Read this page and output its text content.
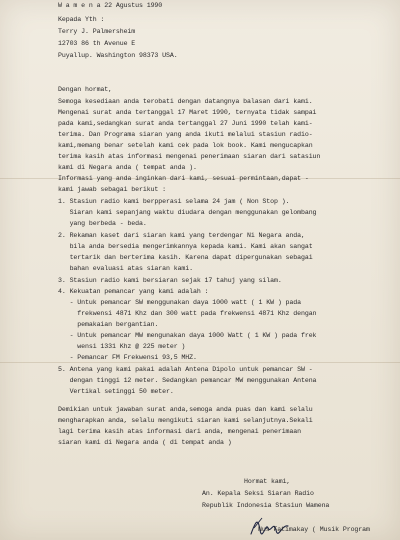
W a m e n a 22 Agustus 1990

Kepada Yth :

Terry J. Palmersheim

12703 86 th Avenue E

Puyallup. Washington 98373 USA.

Dengan hormat,

Semoga kesediaan anda terobati dengan datangnya balasan dari kami.

Mengenai surat anda tertanggal 17 Maret 1990, ternyata tidak sampai

pada kami,sedangkan surat anda tertanggal 27 Juni 1990 telah kami-

terima. Dan Programa siaran yang anda ikuti melalui stasiun radio-

kami,memang benar setelah kami cek pada lok book. Kami mengucapkan

terima kasih atas informasi mengenai penerimaan siaran dari satasiun

kami di Negara anda ( tempat anda ).

Informasi yang anda inginkan dari kami, sesuai permintaan,dapat -

kami jawab sebagai berikut :

1. Stasiun radio kami berpperasi selama 24 jam ( Non Stop ).

Siaran kami sepanjang waktu diudara dengan menggunakan gelombang

yang berbeda - beda.

2. Rekaman kaset dari siaran kami yang terdengar Ni Negara anda,

bila anda bersedia mengerimkannya kepada kami. Kami akan sangat

tertarik dan berterima kasih. Karena dapat dipergunakan sebagai

bahan evaluasi atas siaran kami.

3. Stasiun radio kami bersiaran sejak 17 tahuj yang silam.

4. Kekuatan pemancar yang kami adalah :

- Untuk pemancar SW menggunakan daya 1000 watt ( 1 KW ) pada

frekwensi 4871 Khz dan 300 watt pada frekwensi 4871 Khz dengan

pemakaian bergantian.

- Untuk pemancar MW mengunakan daya 1000 Watt ( 1 KW ) pada frek

wensi 1331 Khz @ 225 meter )

- Pemancar FM Frekwensi 93,5 MHZ.

5. Antena yang kami pakai adalah Antena Dipolo untuk pemancar SW -

dengan tinggi 12 meter. Sedangkan pemancar MW menggunakan Antena

Vertikal setinggi 50 meter.

Demikian untuk jawaban surat anda,semoga anda puas dan kami selalu

mengharapkan anda, selalu mengikuti siaran kami selanjutnya.Sekali

lagi terima kasih atas informasi dari anda, mengenai penerimaan

siaran kami di Negara anda ( di tempat anda )

Hormat kami,

An. Kepala Seksi Siaran Radio

Republik Indonesia Stasiun Wamena

Nus Fatimakay ( Musik Program
